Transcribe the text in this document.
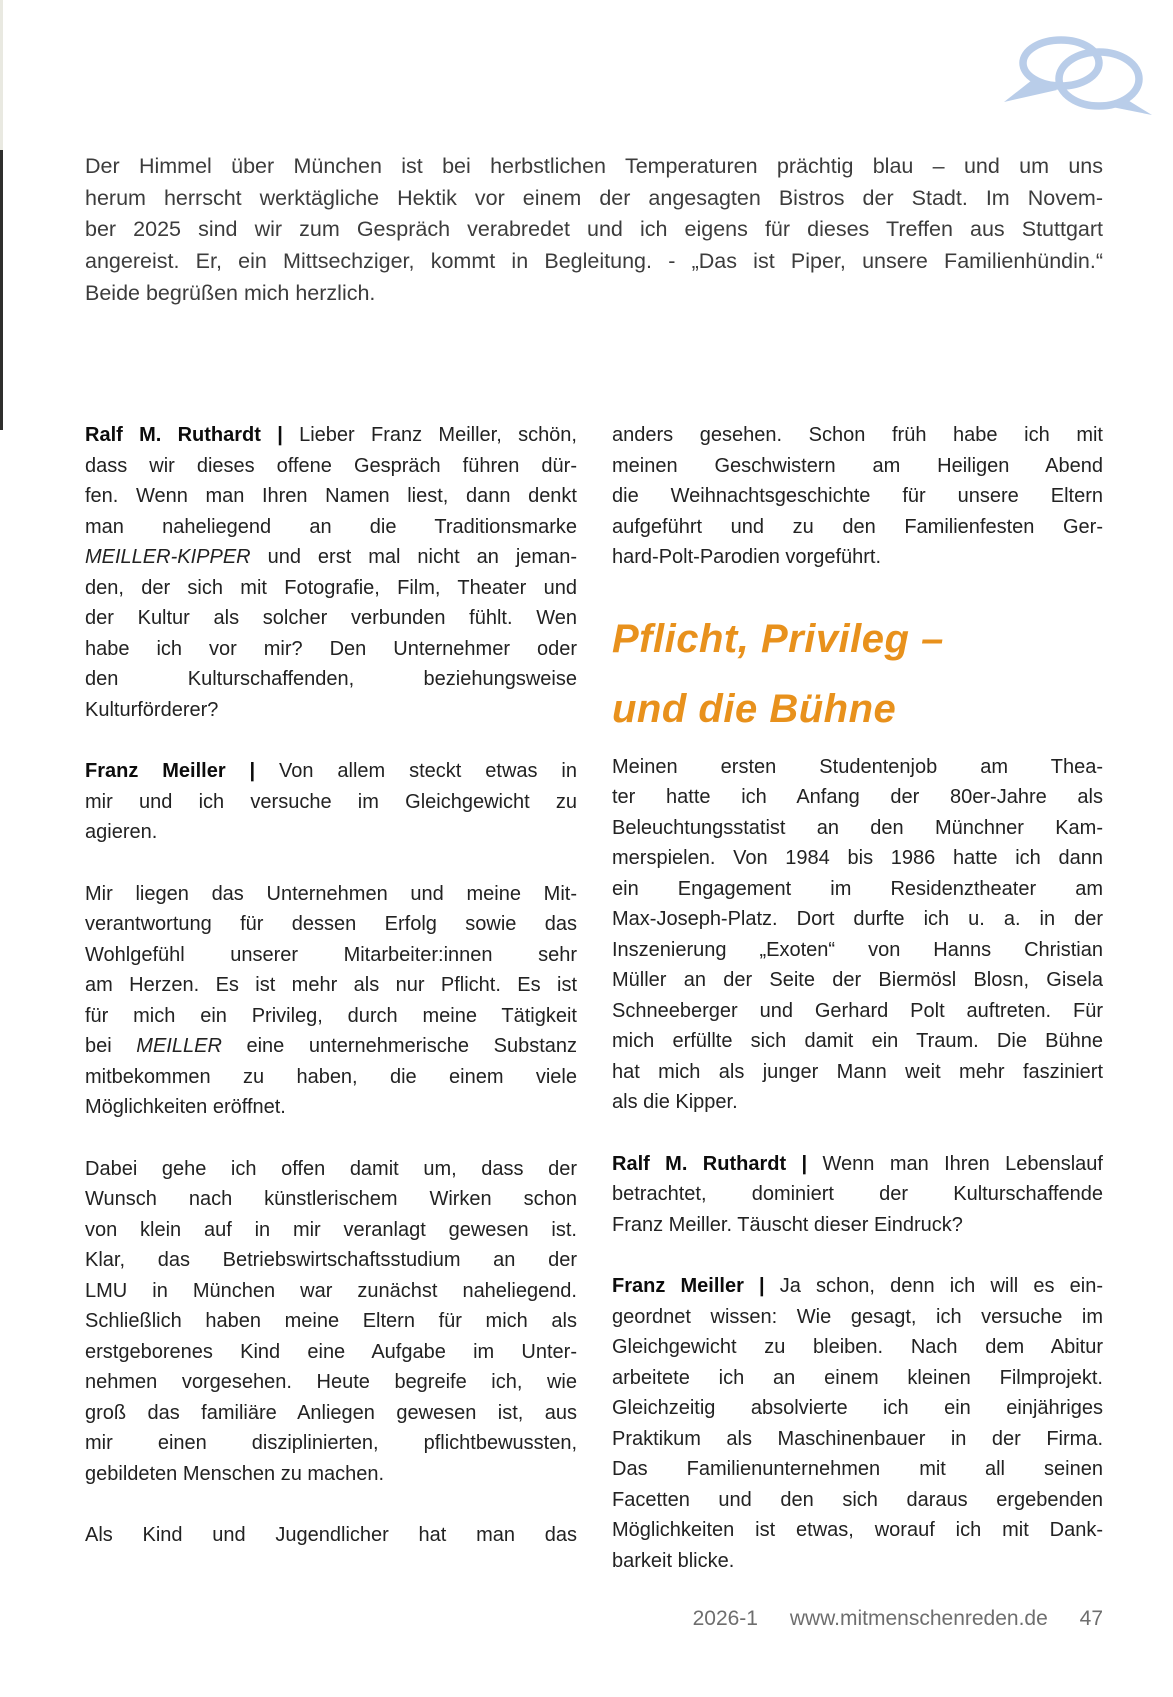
Der Himmel über München ist bei herbstlichen Temperaturen prächtig blau – und um uns
herum herrscht werktägliche Hektik vor einem der angesagten Bistros der Stadt. Im Novem-
ber 2025 sind wir zum Gespräch verabredet und ich eigens für dieses Treffen aus Stuttgart
angereist. Er, ein Mittsechziger, kommt in Begleitung. - „Das ist Piper, unsere Familienhündin.“
Beide begrüßen mich herzlich.

Ralf M. Ruthardt | Lieber Franz Meiller, schön,
dass wir dieses offene Gespräch führen dür-
fen. Wenn man Ihren Namen liest, dann denkt
man naheliegend an die Traditionsmarke
MEILLER-KIPPER und erst mal nicht an jeman-
den, der sich mit Fotografie, Film, Theater und
der Kultur als solcher verbunden fühlt. Wen
habe ich vor mir? Den Unternehmer oder
den Kulturschaffenden, beziehungsweise
Kulturförderer?

Franz Meiller | Von allem steckt etwas in
mir und ich versuche im Gleichgewicht zu
agieren.

Mir liegen das Unternehmen und meine Mit-
verantwortung für dessen Erfolg sowie das
Wohlgefühl unserer Mitarbeiter:innen sehr
am Herzen. Es ist mehr als nur Pflicht. Es ist
für mich ein Privileg, durch meine Tätigkeit
bei MEILLER eine unternehmerische Substanz
mitbekommen zu haben, die einem viele
Möglichkeiten eröffnet.

Dabei gehe ich offen damit um, dass der
Wunsch nach künstlerischem Wirken schon
von klein auf in mir veranlagt gewesen ist.
Klar, das Betriebswirtschaftsstudium an der
LMU in München war zunächst naheliegend.
Schließlich haben meine Eltern für mich als
erstgeborenes Kind eine Aufgabe im Unter-
nehmen vorgesehen. Heute begreife ich, wie
groß das familiäre Anliegen gewesen ist, aus
mir einen disziplinierten, pflichtbewussten,
gebildeten Menschen zu machen.

Als Kind und Jugendlicher hat man das

anders gesehen. Schon früh habe ich mit
meinen Geschwistern am Heiligen Abend
die Weihnachtsgeschichte für unsere Eltern
aufgeführt und zu den Familienfesten Ger-
hard-Polt-Parodien vorgeführt.

Pflicht, Privileg –
und die Bühne

Meinen ersten Studentenjob am Thea-
ter hatte ich Anfang der 80er-Jahre als
Beleuchtungsstatist an den Münchner Kam-
merspielen. Von 1984 bis 1986 hatte ich dann
ein Engagement im Residenztheater am
Max-Joseph-Platz. Dort durfte ich u. a. in der
Inszenierung „Exoten“ von Hanns Christian
Müller an der Seite der Biermösl Blosn, Gisela
Schneeberger und Gerhard Polt auftreten. Für
mich erfüllte sich damit ein Traum. Die Bühne
hat mich als junger Mann weit mehr fasziniert
als die Kipper.

Ralf M. Ruthardt | Wenn man Ihren Lebenslauf
betrachtet, dominiert der Kulturschaffende
Franz Meiller. Täuscht dieser Eindruck?

Franz Meiller | Ja schon, denn ich will es ein-
geordnet wissen: Wie gesagt, ich versuche im
Gleichgewicht zu bleiben. Nach dem Abitur
arbeitete ich an einem kleinen Filmprojekt.
Gleichzeitig absolvierte ich ein einjähriges
Praktikum als Maschinenbauer in der Firma.
Das Familienunternehmen mit all seinen
Facetten und den sich daraus ergebenden
Möglichkeiten ist etwas, worauf ich mit Dank-
barkeit blicke.

2026-1 www.mitmenschenreden.de 47
